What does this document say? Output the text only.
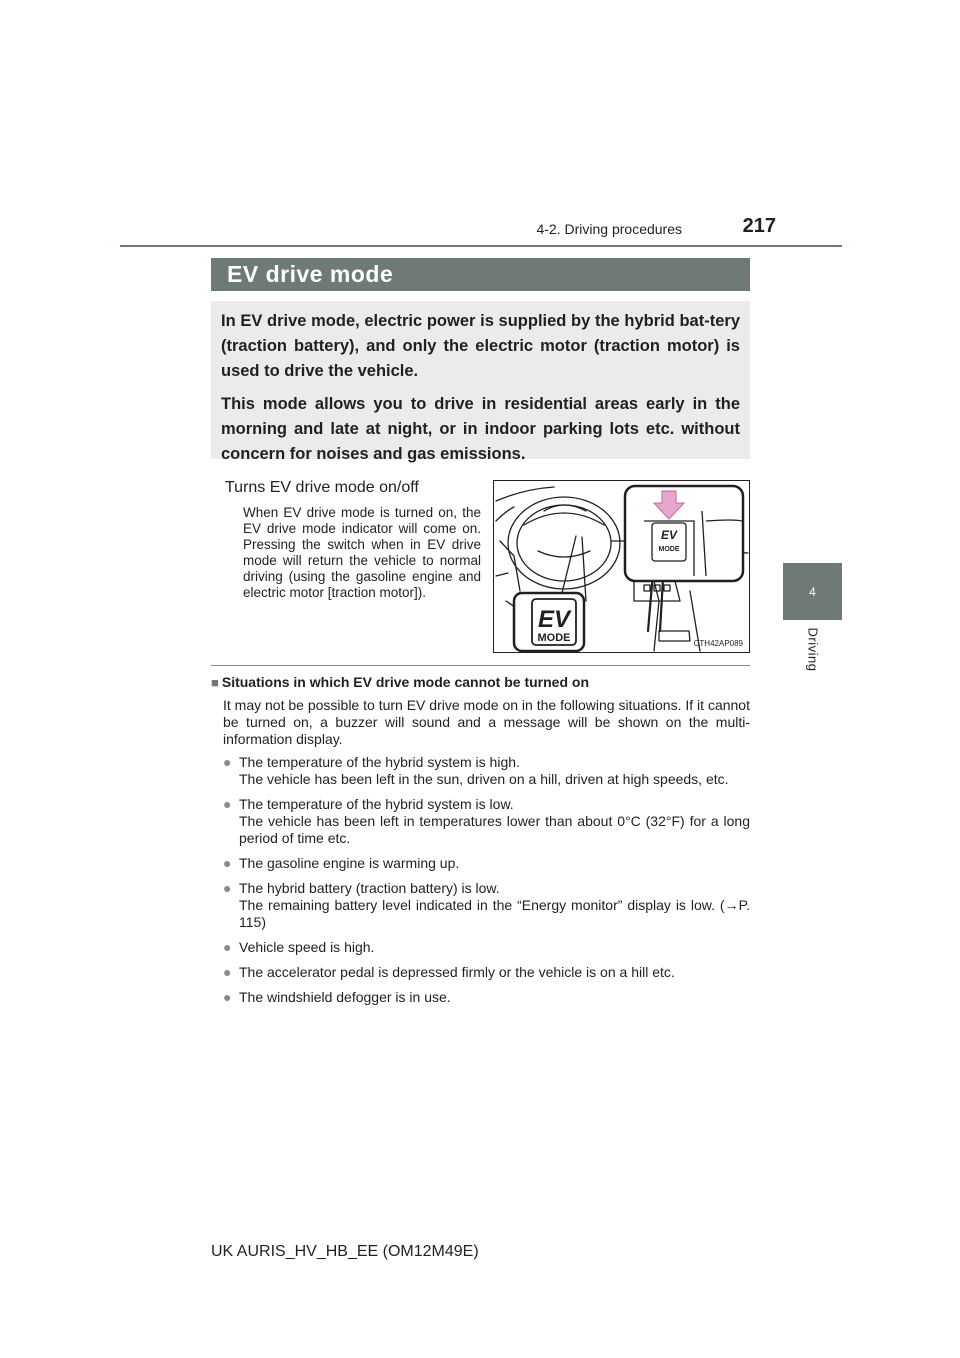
217
4-2. Driving procedures
4
Driving
EV drive mode

In EV drive mode, electric power is supplied by the hybrid bat-tery (traction battery), and only the electric motor (traction motor) is used to drive the vehicle.

This mode allows you to drive in residential areas early in the morning and late at night, or in indoor parking lots etc. without concern for noises and gas emissions.

Turns EV drive mode on/off

When EV drive mode is turned on, the EV drive mode indicator will come on. Pressing the switch when in EV drive mode will return the vehicle to normal driving (using the gasoline engine and electric motor [traction motor]).

EV
MODE
EV
MODE	CTH42AP089

■ Situations in which EV drive mode cannot be turned on

It may not be possible to turn EV drive mode on in the following situations. If it cannot be turned on, a buzzer will sound and a message will be shown on the multi-information display.

● The temperature of the hybrid system is high.
The vehicle has been left in the sun, driven on a hill, driven at high speeds, etc.
● The temperature of the hybrid system is low.
The vehicle has been left in temperatures lower than about 0°C (32°F) for a long period of time etc.
● The gasoline engine is warming up.
● The hybrid battery (traction battery) is low.
The remaining battery level indicated in the “Energy monitor” display is low. (→P. 115)
● Vehicle speed is high.
● The accelerator pedal is depressed firmly or the vehicle is on a hill etc.
● The windshield defogger is in use.
UK AURIS_HV_HB_EE (OM12M49E)
